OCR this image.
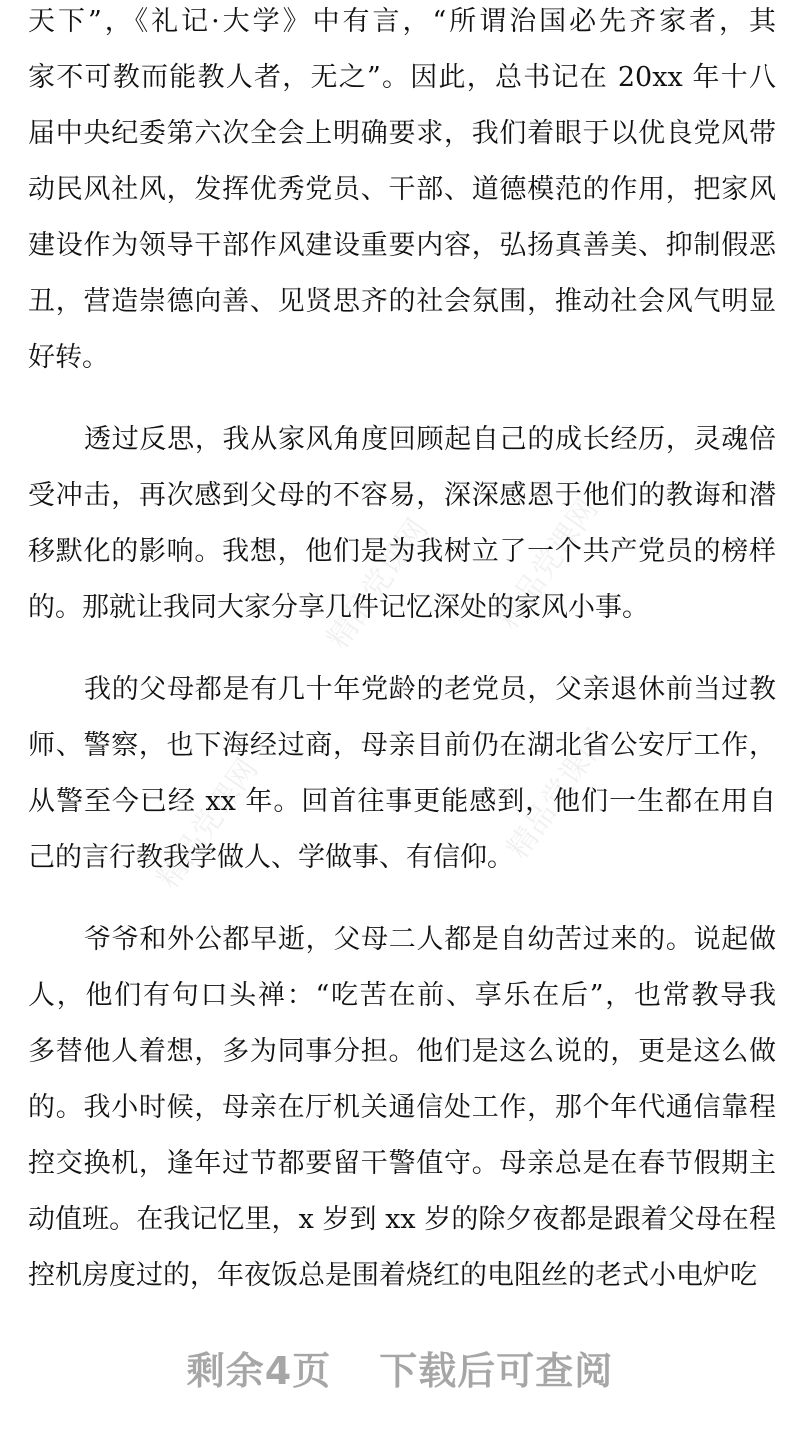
天下”，《礼记·大学》中有言，“所谓治国必先齐家者，其
家不可教而能教人者，无之”。因此，总书记在 20xx 年十八
届中央纪委第六次全会上明确要求，我们着眼于以优良党风带
动民风社风，发挥优秀党员、干部、道德模范的作用，把家风
建设作为领导干部作风建设重要内容，弘扬真善美、抑制假恶
丑，营造崇德向善、见贤思齐的社会氛围，推动社会风气明显
好转。
透过反思，我从家风角度回顾起自己的成长经历，灵魂倍
受冲击，再次感到父母的不容易，深深感恩于他们的教诲和潜
移默化的影响。我想，他们是为我树立了一个共产党员的榜样
的。那就让我同大家分享几件记忆深处的家风小事。
我的父母都是有几十年党龄的老党员，父亲退休前当过教
师、警察，也下海经过商，母亲目前仍在湖北省公安厅工作，
从警至今已经 xx 年。回首往事更能感到，他们一生都在用自
己的言行教我学做人、学做事、有信仰。
爷爷和外公都早逝，父母二人都是自幼苦过来的。说起做
人，他们有句口头禅：“吃苦在前、享乐在后”，也常教导我
多替他人着想，多为同事分担。他们是这么说的，更是这么做
的。我小时候，母亲在厅机关通信处工作，那个年代通信靠程
控交换机，逢年过节都要留干警值守。母亲总是在春节假期主
动值班。在我记忆里，x 岁到 xx 岁的除夕夜都是跟着父母在程
控机房度过的，年夜饭总是围着烧红的电阻丝的老式小电炉吃
精品党课网 精品党课网
精品党课网	精品党课网
剩余4页 下载后可查阅
